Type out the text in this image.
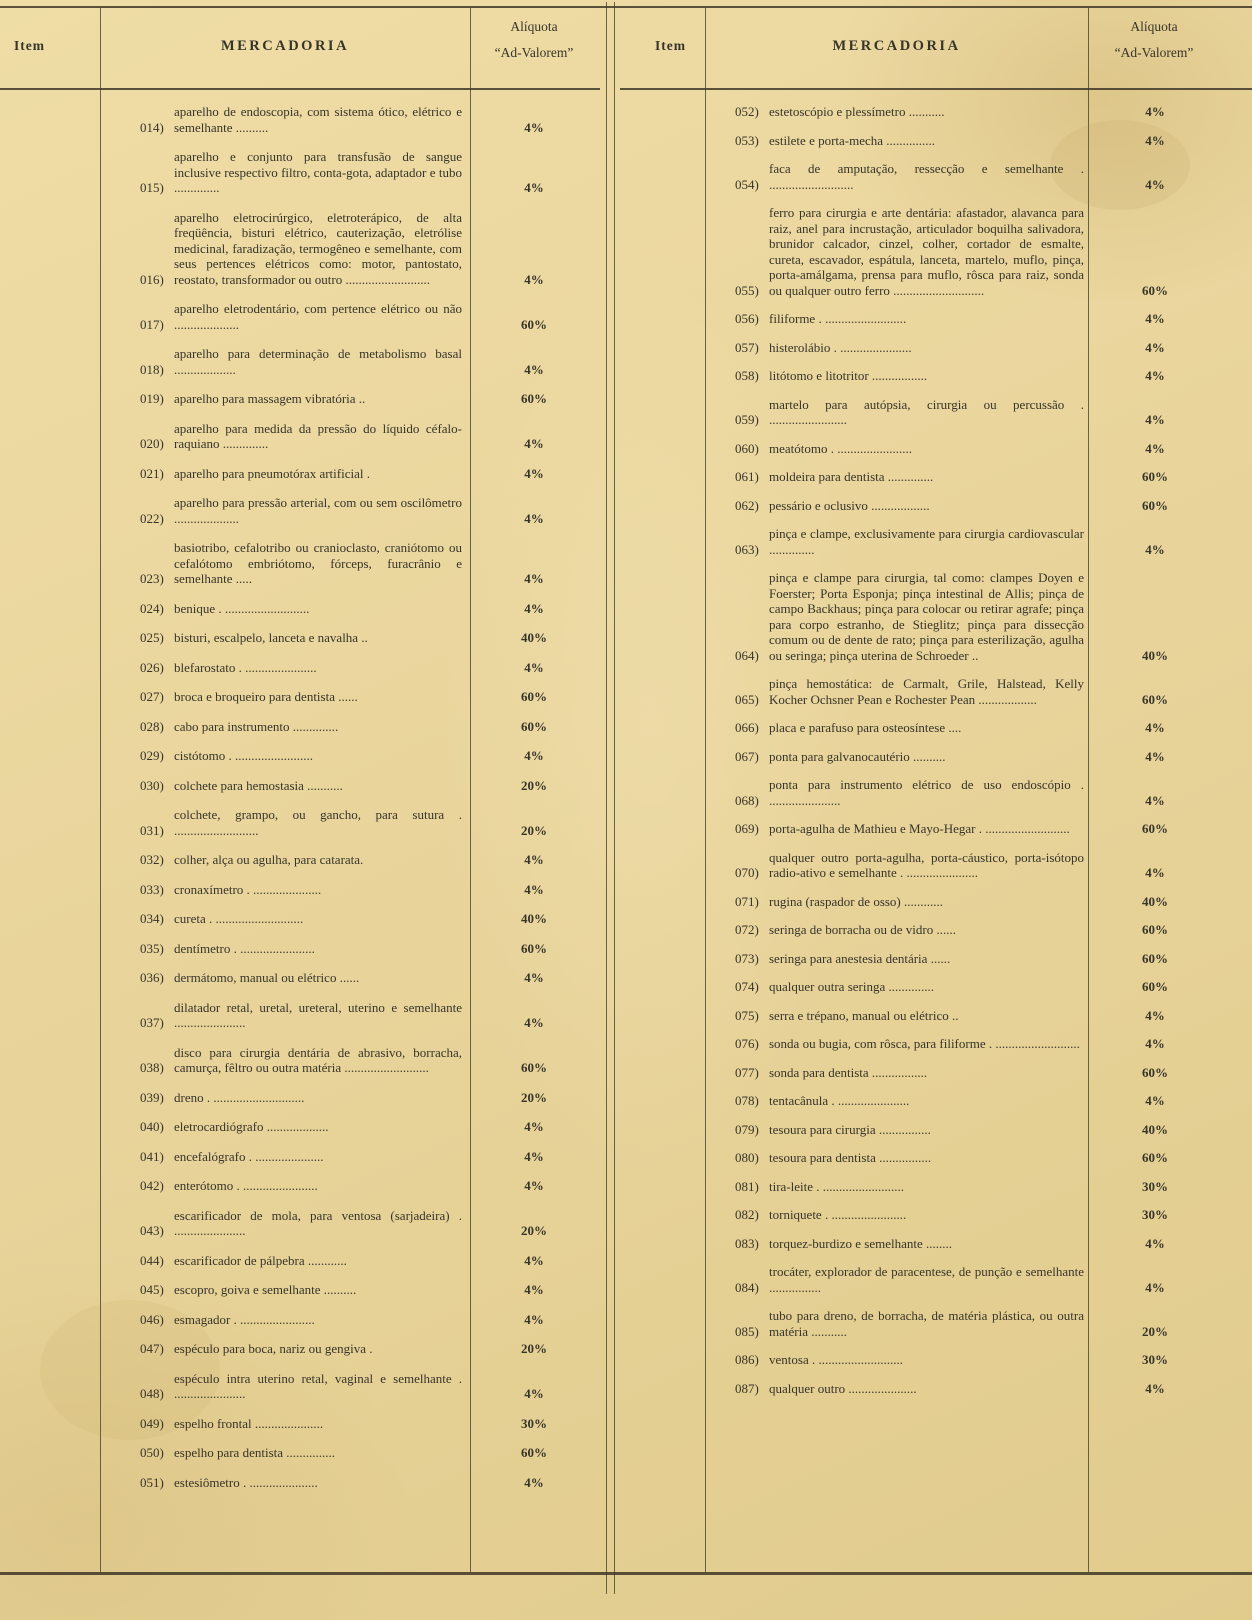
Item	MERCADORIA
Alíquota
“Ad-Valorem”
014)
aparelho de endoscopia, com sistema ótico, elétrico e semelhante ..........	4%
015)
aparelho e conjunto para transfusão de sangue inclusive respectivo filtro, conta-gota, adaptador e tubo ..............	4%
016)
aparelho eletrocirúrgico, eletroterápico, de alta freqüência, bisturi elétrico, cauterização, eletrólise medicinal, faradização, termogêneo e semelhante, com seus pertences elétricos como: motor, pantostato, reostato, transformador ou outro ..........................	4%
017)
aparelho eletrodentário, com pertence elétrico ou não ....................	60%
018)
aparelho para determinação de metabolismo basal ...................	4%
019) aparelho para massagem vibratória ..	60%
020)
aparelho para medida da pressão do líquido céfalo-raquiano ..............	4%
021) aparelho para pneumotórax artificial .	4%
022)
aparelho para pressão arterial, com ou sem oscilômetro ....................	4%
023)
basiotribo, cefalotribo ou cranioclasto, craniótomo ou cefalótomo embriótomo, fórceps, furacrânio e semelhante .....	4%
024) benique . ..........................	4%
025) bisturi, escalpelo, lanceta e navalha ..	40%
026) blefarostato . ......................	4%
027) broca e broqueiro para dentista ......	60%
028) cabo para instrumento ..............	60%
029) cistótomo . ........................	4%
030) colchete para hemostasia ...........	20%
031)
colchete, grampo, ou gancho, para sutura . ..........................	20%
032) colher, alça ou agulha, para catarata.	4%
033) cronaxímetro . .....................	4%
034) cureta . ...........................	40%
035) dentímetro . .......................	60%
036) dermátomo, manual ou elétrico ......	4%
037)
dilatador retal, uretal, ureteral, uterino e semelhante ......................	4%
038)
disco para cirurgia dentária de abrasivo, borracha, camurça, fêltro ou outra matéria ..........................	60%
039) dreno . ............................	20%
040) eletrocardiógrafo ...................	4%
041) encefalógrafo . .....................	4%
042) enterótomo . .......................	4%
043)
escarificador de mola, para ventosa (sarjadeira) . ......................	20%
044) escarificador de pálpebra ............	4%
045) escopro, goiva e semelhante ..........	4%
046) esmagador . .......................	4%
047) espéculo para boca, nariz ou gengiva .	20%
048)
espéculo intra uterino retal, vaginal e semelhante . ......................	4%
049) espelho frontal .....................	30%
050) espelho para dentista ...............	60%
051) estesiômetro . .....................	4%
Item	MERCADORIA
Alíquota
“Ad-Valorem”
052) estetoscópio e plessímetro ...........	4%
053) estilete e porta-mecha ...............	4%
054)
faca de amputação, ressecção e semelhante . ..........................	4%
055)
ferro para cirurgia e arte dentária: afastador, alavanca para raiz, anel para incrustação, articulador boquilha salivadora, brunidor calcador, cinzel, colher, cortador de esmalte, cureta, escavador, espátula, lanceta, martelo, muflo, pinça, porta-amálgama, prensa para muflo, rôsca para raiz, sonda ou qualquer outro ferro ............................	60%
056) filiforme . .........................	4%
057) histerolábio . ......................	4%
058) litótomo e litotritor .................	4%
059)
martelo para autópsia, cirurgia ou percussão . ........................	4%
060) meatótomo . .......................	4%
061) moldeira para dentista ..............	60%
062) pessário e oclusivo ..................	60%
063)
pinça e clampe, exclusivamente para cirurgia cardiovascular ..............	4%
064)
pinça e clampe para cirurgia, tal como: clampes Doyen e Foerster; Porta Esponja; pinça intestinal de Allis; pinça de campo Backhaus; pinça para colocar ou retirar agrafe; pinça para corpo estranho, de Stieglitz; pinça para dissecção comum ou de dente de rato; pinça para esterilização, agulha ou seringa; pinça uterina de Schroeder ..	40%
065)
pinça hemostática: de Carmalt, Grile, Halstead, Kelly Kocher Ochsner Pean e Rochester Pean ..................	60%
066) placa e parafuso para osteosíntese ....	4%
067) ponta para galvanocautério ..........	4%
068)
ponta para instrumento elétrico de uso endoscópio . ......................	4%
069) porta-agulha de Mathieu e Mayo-Hegar . ..........................	60%
070)
qualquer outro porta-agulha, porta-cáustico, porta-isótopo radio-ativo e semelhante . ......................	4%
071) rugina (raspador de osso) ............	40%
072) seringa de borracha ou de vidro ......	60%
073) seringa para anestesia dentária ......	60%
074) qualquer outra seringa ..............	60%
075) serra e trépano, manual ou elétrico ..	4%
076) sonda ou bugia, com rôsca, para filiforme . ..........................	4%
077) sonda para dentista .................	60%
078) tentacânula . ......................	4%
079) tesoura para cirurgia ................	40%
080) tesoura para dentista ................	60%
081) tira-leite . .........................	30%
082) torniquete . .......................	30%
083) torquez-burdizo e semelhante ........	4%
084)
trocáter, explorador de paracentese, de punção e semelhante ................	4%
085)
tubo para dreno, de borracha, de matéria plástica, ou outra matéria ...........	20%
086) ventosa . ..........................	30%
087) qualquer outro .....................	4%
